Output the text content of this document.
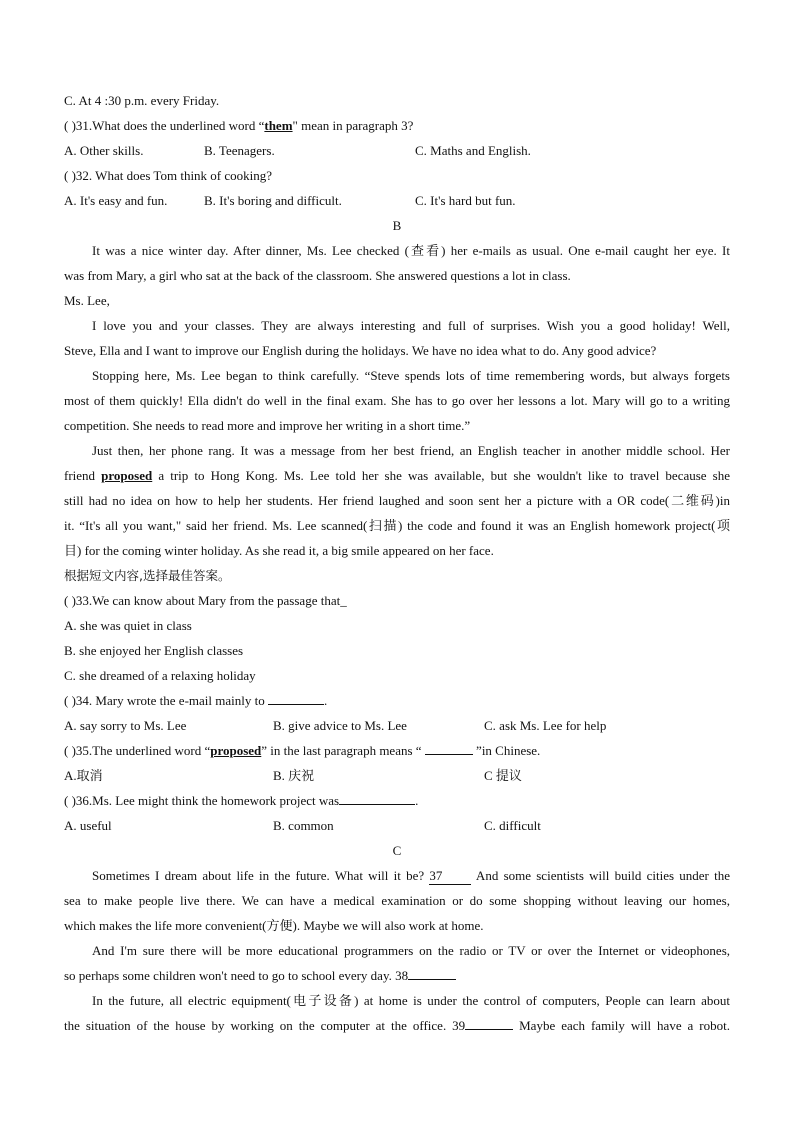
C. At 4 :30 p.m. every Friday.
( )31.What does the underlined word “them" mean in paragraph 3?
A. Other skills.	B. Teenagers.	C. Maths and English.
( )32. What does Tom think of cooking?
A. It's easy and fun.	B. It's boring and difficult.	C. It's hard but fun.
B
It was a nice winter day. After dinner, Ms. Lee checked (查看) her e-mails as usual. One e-mail caught her eye. It
was from Mary, a girl who sat at the back of the classroom. She answered questions a lot in class.
Ms. Lee,
I love you and your classes. They are always interesting and full of surprises. Wish you a good holiday! Well,
Steve, Ella and I want to improve our English during the holidays. We have no idea what to do. Any good advice?
Stopping here, Ms. Lee began to think carefully. “Steve spends lots of time remembering words, but always forgets
most of them quickly! Ella didn't do well in the final exam. She has to go over her lessons a lot. Mary will go to a writing
competition. She needs to read more and improve her writing in a short time.”
Just then, her phone rang. It was a message from her best friend, an English teacher in another middle school. Her
friend proposed a trip to Hong Kong. Ms. Lee told her she was available, but she wouldn't like to travel because she
still had no idea on how to help her students. Her friend laughed and soon sent her a picture with a OR code(二维码)in
it. “It's all you want," said her friend. Ms. Lee scanned(扫描) the code and found it was an English homework project(项
目) for the coming winter holiday. As she read it, a big smile appeared on her face.
根据短文内容,选择最佳答案。
( )33.We can know about Mary from the passage that_
A. she was quiet in class
B. she enjoyed her English classes
C. she dreamed of a relaxing holiday
( )34. Mary wrote the e-mail mainly to	.
A. say sorry to Ms. Lee	B. give advice to Ms. Lee	C. ask Ms. Lee for help
( )35.The underlined word “proposed” in the last paragraph means “	”in Chinese.
A.取消	B. 庆祝	C 提议
( )36.Ms. Lee might think the homework project was	.
A. useful	B. common	C. difficult
C
Sometimes I dream about life in the future. What will it be? 37 And some scientists will build cities under the
sea to make people live there. We can have a medical examination or do some shopping without leaving our homes,
which makes the life more convenient(方便). Maybe we will also work at home.
And I'm sure there will be more educational programmers on the radio or TV or over the Internet or videophones,
so perhaps some children won't need to go to school every day. 38
In the future, all electric equipment(电子设备) at home is under the control of computers, People can learn about
the situation of the house by working on the computer at the office. 39	Maybe each family will have a robot.
